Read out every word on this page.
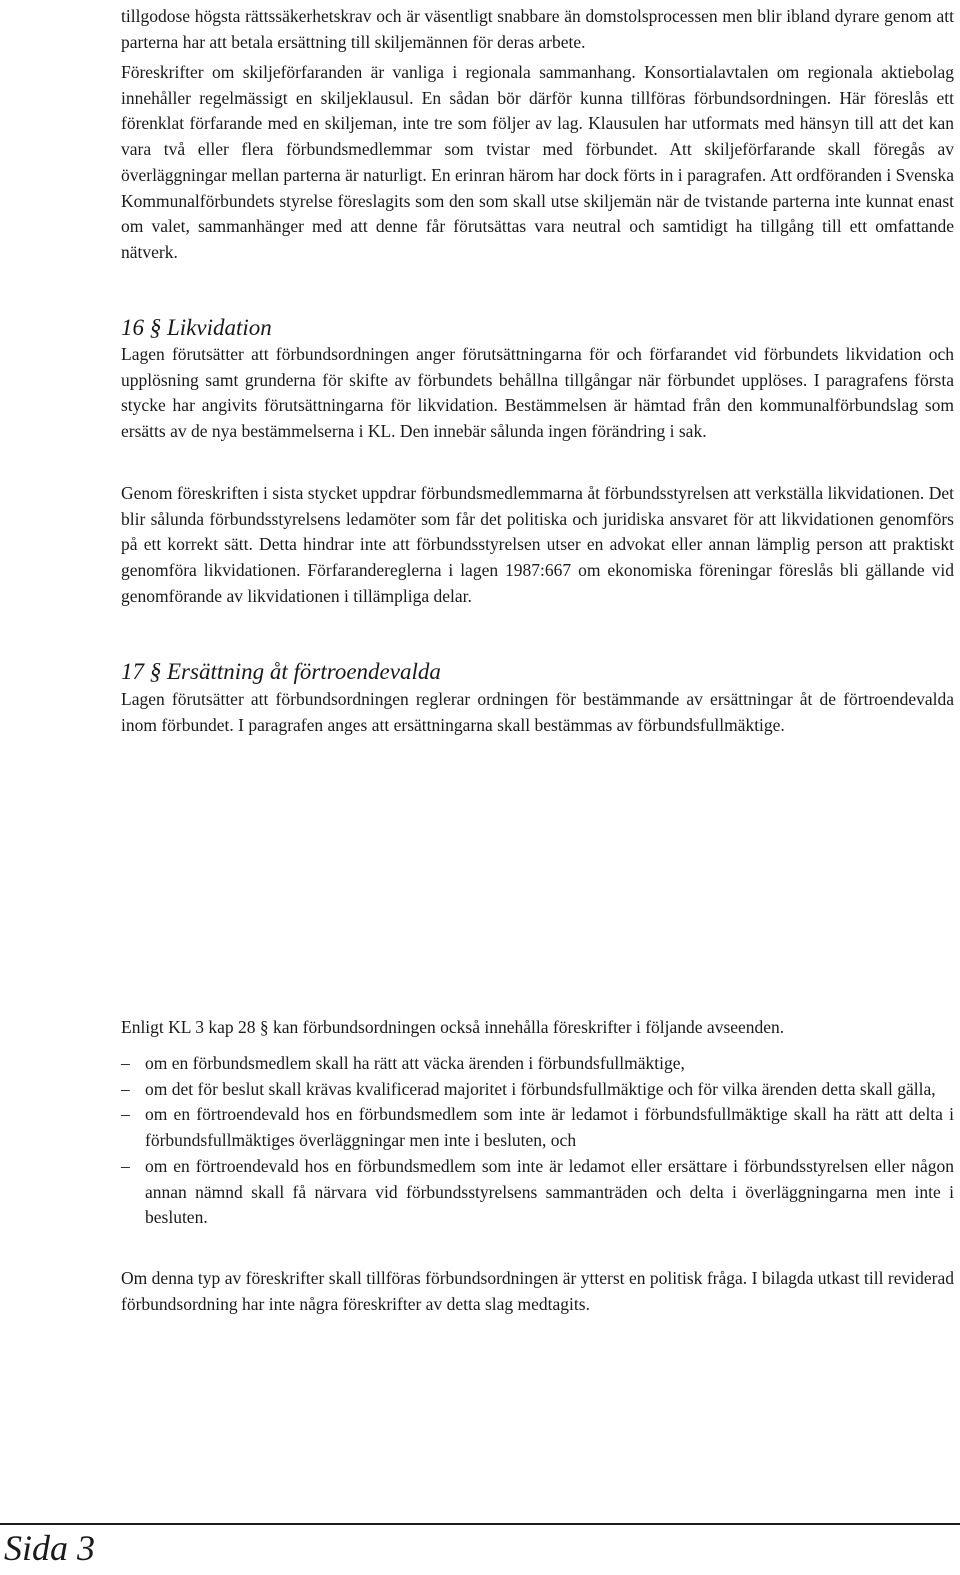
tillgodose högsta rättssäkerhetskrav och är väsentligt snabbare än domstolsprocessen men blir ibland dyrare genom att parterna har att betala ersättning till skiljemännen för deras arbete.

Föreskrifter om skiljeförfaranden är vanliga i regionala sammanhang. Konsortialavtalen om regionala aktiebolag innehåller regelmässigt en skiljeklausul. En sådan bör därför kunna tillföras förbundsordningen. Här föreslås ett förenklat förfarande med en skiljeman, inte tre som följer av lag. Klausulen har utformats med hänsyn till att det kan vara två eller flera förbundsmedlemmar som tvistar med förbundet. Att skiljeförfarande skall föregås av överläggningar mellan parterna är naturligt. En erinran härom har dock förts in i paragrafen. Att ordföranden i Svenska Kommunalförbundets styrelse föreslagits som den som skall utse skiljemän när de tvistande parterna inte kunnat enast om valet, sammanhänger med att denne får förutsättas vara neutral och samtidigt ha tillgång till ett omfattande nätverk.

16 § Likvidation

Lagen förutsätter att förbundsordningen anger förutsättningarna för och förfarandet vid förbundets likvidation och upplösning samt grunderna för skifte av förbundets behållna tillgångar när förbundet upplöses. I paragrafens första stycke har angivits förutsättningarna för likvidation. Bestämmelsen är hämtad från den kommunalförbundslag som ersätts av de nya bestämmelserna i KL. Den innebär sålunda ingen förändring i sak.

Genom föreskriften i sista stycket uppdrar förbundsmedlemmarna åt förbundsstyrelsen att verkställa likvidationen. Det blir sålunda förbundsstyrelsens ledamöter som får det politiska och juridiska ansvaret för att likvidationen genomförs på ett korrekt sätt. Detta hindrar inte att förbundsstyrelsen utser en advokat eller annan lämplig person att praktiskt genomföra likvidationen. Förfarandereglerna i lagen 1987:667 om ekonomiska föreningar föreslås bli gällande vid genomförande av likvidationen i tillämpliga delar.

17 § Ersättning åt förtroendevalda

Lagen förutsätter att förbundsordningen reglerar ordningen för bestämmande av ersättningar åt de förtroendevalda inom förbundet. I paragrafen anges att ersättningarna skall bestämmas av förbundsfullmäktige.

Enligt KL 3 kap 28 § kan förbundsordningen också innehålla föreskrifter i följande avseenden.

– om en förbundsmedlem skall ha rätt att väcka ärenden i förbundsfullmäktige,
– om det för beslut skall krävas kvalificerad majoritet i förbundsfullmäktige och för vilka ärenden detta skall gälla,
– om en förtroendevald hos en förbundsmedlem som inte är ledamot i förbundsfullmäktige skall ha rätt att delta i förbundsfullmäktiges överläggningar men inte i besluten, och
– om en förtroendevald hos en förbundsmedlem som inte är ledamot eller ersättare i förbundsstyrelsen eller någon annan nämnd skall få närvara vid förbundsstyrelsens sammanträden och delta i överläggningarna men inte i besluten.

Om denna typ av föreskrifter skall tillföras förbundsordningen är ytterst en politisk fråga. I bilagda utkast till reviderad förbundsordning har inte några föreskrifter av detta slag medtagits.

Sida 3
